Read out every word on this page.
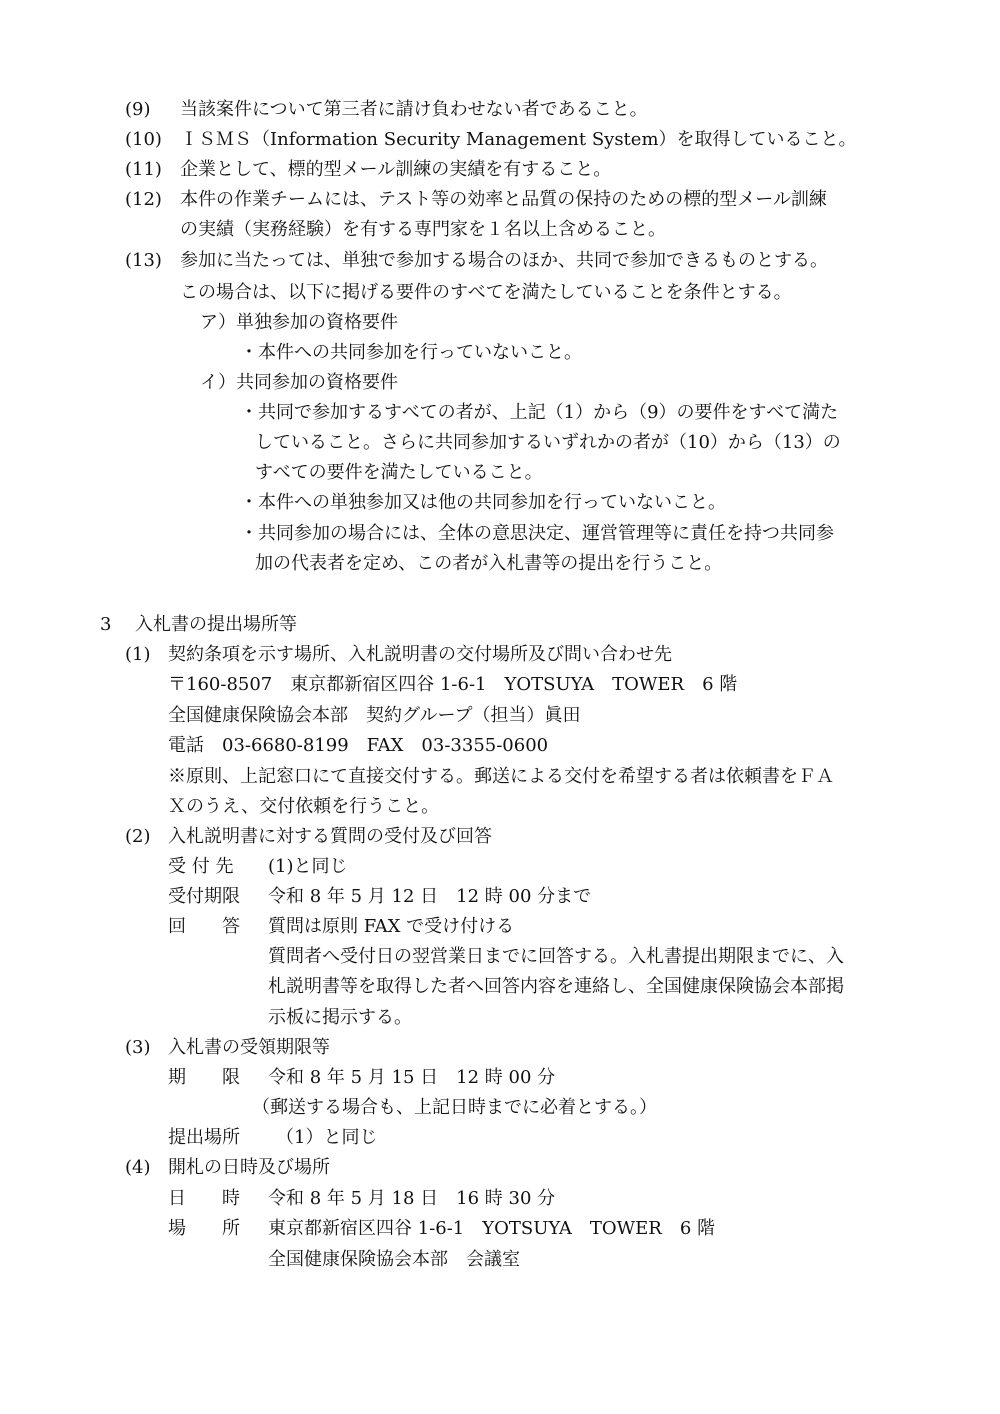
(9) 当該案件について第三者に請け負わせない者であること。
(10) ＩＳＭＳ（Information Security Management System）を取得していること。
(11) 企業として、標的型メール訓練の実績を有すること。
(12) 本件の作業チームには、テスト等の効率と品質の保持のための標的型メール訓練
の実績（実務経験）を有する専門家を１名以上含めること。
(13) 参加に当たっては、単独で参加する場合のほか、共同で参加できるものとする。
この場合は、以下に掲げる要件のすべてを満たしていることを条件とする。
ア）単独参加の資格要件
・本件への共同参加を行っていないこと。
イ）共同参加の資格要件
・共同で参加するすべての者が、上記（1）から（9）の要件をすべて満た
していること。さらに共同参加するいずれかの者が（10）から（13）の
すべての要件を満たしていること。
・本件への単独参加又は他の共同参加を行っていないこと。
・共同参加の場合には、全体の意思決定、運営管理等に責任を持つ共同参
加の代表者を定め、この者が入札書等の提出を行うこと。
3 入札書の提出場所等
(1) 契約条項を示す場所、入札説明書の交付場所及び問い合わせ先
〒160-8507　東京都新宿区四谷 1-6-1　YOTSUYA　TOWER　6 階
全国健康保険協会本部　契約グループ（担当）眞田
電話　03-6680-8199　FAX　03-3355-0600
※原則、上記窓口にて直接交付する。郵送による交付を希望する者は依頼書をＦＡ
Ｘのうえ、交付依頼を行うこと。
(2) 入札説明書に対する質問の受付及び回答
受 付 先 (1)と同じ
受付期限 令和 8 年 5 月 12 日　12 時 00 分まで
回　　答 質問は原則 FAX で受け付ける
質問者へ受付日の翌営業日までに回答する。入札書提出期限までに、入
札説明書等を取得した者へ回答内容を連絡し、全国健康保険協会本部掲
示板に掲示する。
(3) 入札書の受領期限等
期　　限 令和 8 年 5 月 15 日　12 時 00 分
（郵送する場合も、上記日時までに必着とする。）
提出場所 （1）と同じ
(4) 開札の日時及び場所
日　　時 令和 8 年 5 月 18 日　16 時 30 分
場　　所 東京都新宿区四谷 1-6-1　YOTSUYA　TOWER　6 階
全国健康保険協会本部　会議室
